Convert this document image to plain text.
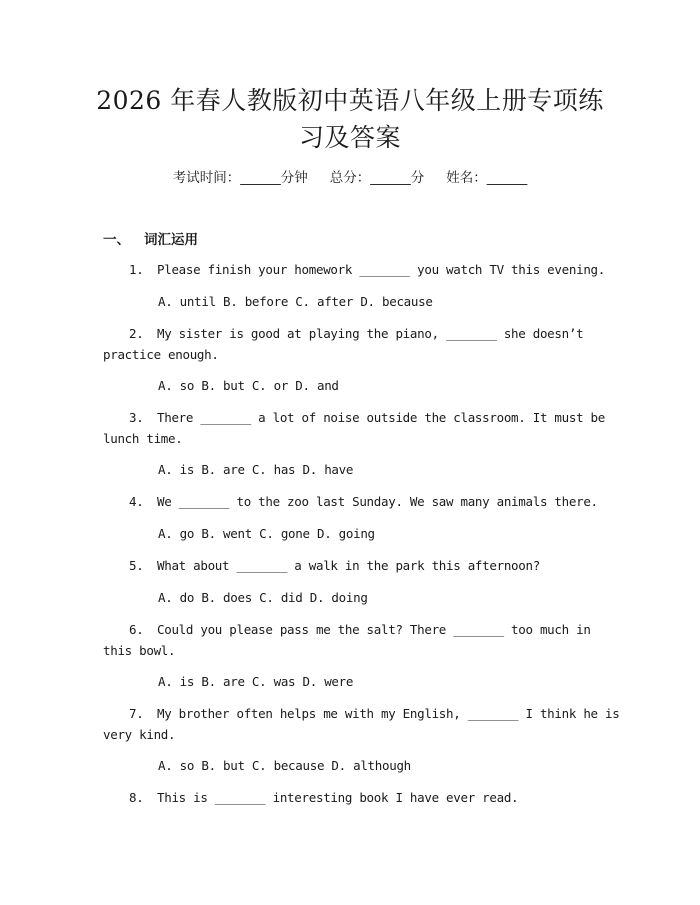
2026 年春人教版初中英语八年级上册专项练
习及答案
考试时间：______分钟 总分：______分 姓名：______
一、 词汇运用

1.

Please finish your homework _______ you watch TV this evening.

A. until B. before C. after D. because

2.

My sister is good at playing the piano, _______ she doesn’t

practice enough.
A. so B. but C. or D. and

3.

There _______ a lot of noise outside the classroom. It must be

lunch time.
A. is B. are C. has D. have

4.

We _______ to the zoo last Sunday. We saw many animals there.

A. go B. went C. gone D. going

5.

What about _______ a walk in the park this afternoon?

A. do B. does C. did D. doing

6.

Could you please pass me the salt? There _______ too much in

this bowl.
A. is B. are C. was D. were

7.

My brother often helps me with my English, _______ I think he is

very kind.
A. so B. but C. because D. although

8.

This is _______ interesting book I have ever read.
